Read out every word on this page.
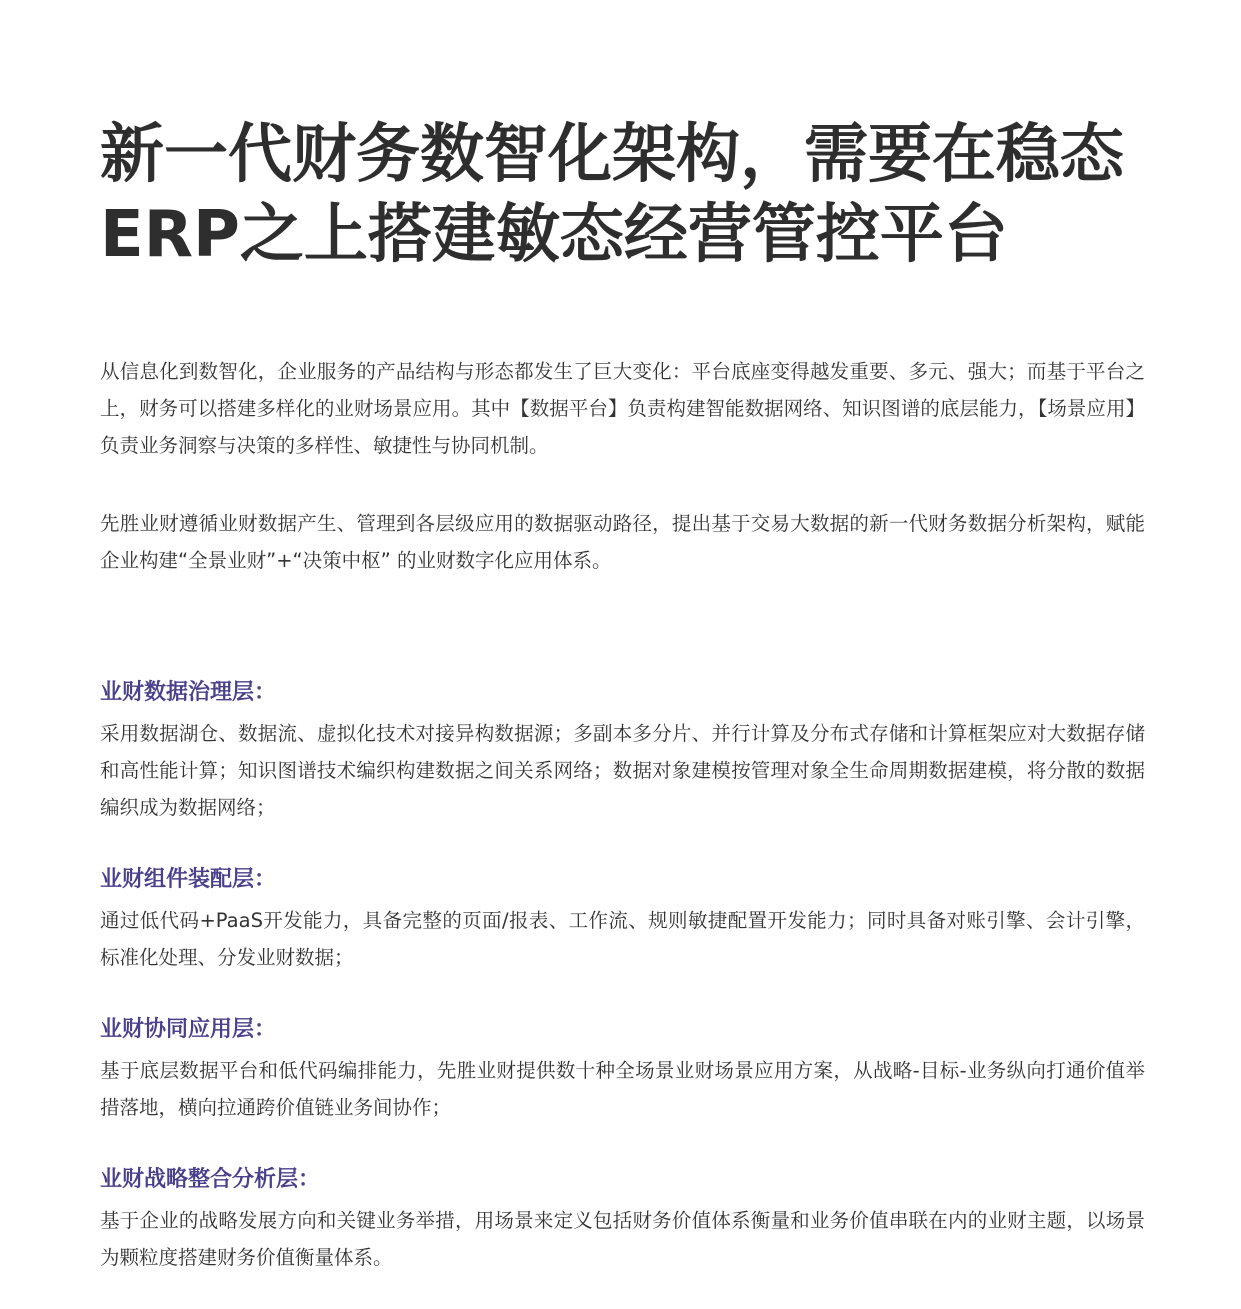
新一代财务数智化架构，需要在稳态
ERP之上搭建敏态经营管控平台

从信息化到数智化，企业服务的产品结构与形态都发生了巨大变化：平台底座变得越发重要、多元、强大；而基于平台之上，财务可以搭建多样化的业财场景应用。其中【数据平台】负责构建智能数据网络、知识图谱的底层能力，【场景应用】负责业务洞察与决策的多样性、敏捷性与协同机制。

先胜业财遵循业财数据产生、管理到各层级应用的数据驱动路径，提出基于交易大数据的新一代财务数据分析架构，赋能企业构建“全景业财”+“决策中枢” 的业财数字化应用体系。

业财数据治理层：

采用数据湖仓、数据流、虚拟化技术对接异构数据源；多副本多分片、并行计算及分布式存储和计算框架应对大数据存储和高性能计算；知识图谱技术编织构建数据之间关系网络；数据对象建模按管理对象全生命周期数据建模，将分散的数据编织成为数据网络；

业财组件装配层：

通过低代码+PaaS开发能力，具备完整的页面/报表、工作流、规则敏捷配置开发能力；同时具备对账引擎、会计引擎，标准化处理、分发业财数据；

业财协同应用层：

基于底层数据平台和低代码编排能力，先胜业财提供数十种全场景业财场景应用方案，从战略-目标-业务纵向打通价值举措落地，横向拉通跨价值链业务间协作；

业财战略整合分析层：

基于企业的战略发展方向和关键业务举措，用场景来定义包括财务价值体系衡量和业务价值串联在内的业财主题，以场景为颗粒度搭建财务价值衡量体系。
